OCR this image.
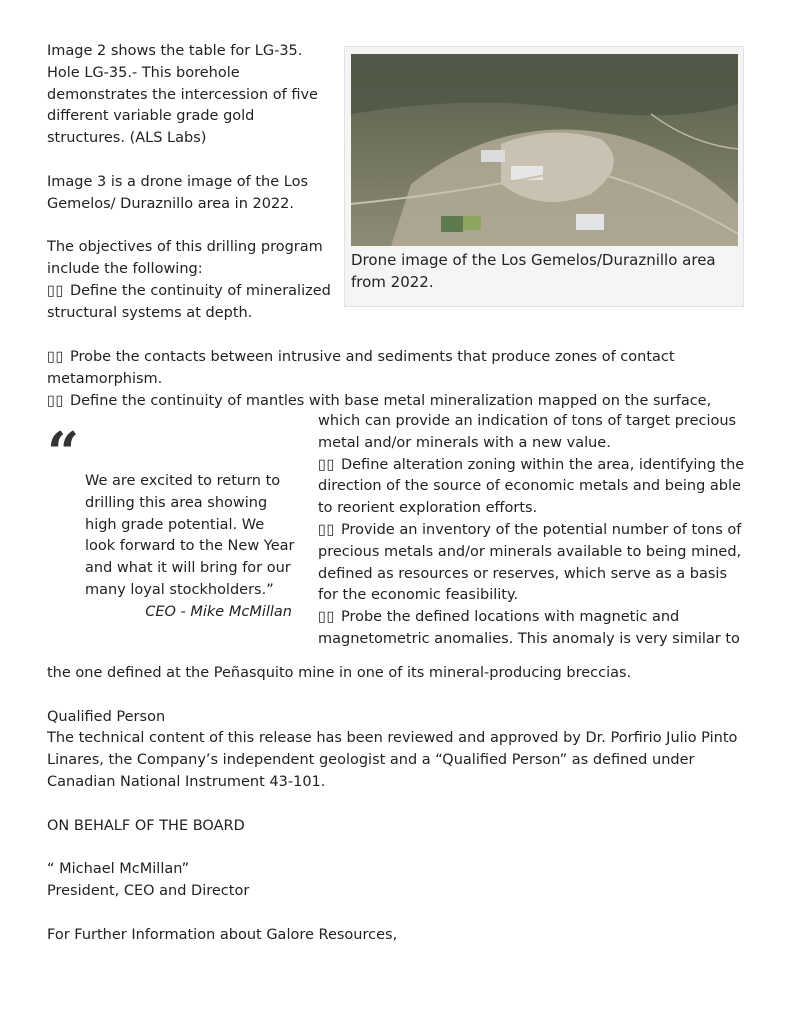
Image 2 shows the table for LG-35. Hole LG-35.- This borehole demonstrates the intercession of five different variable grade gold structures. (ALS Labs)

Image 3 is a drone image of the Los Gemelos/ Duraznillo area in 2022.

The objectives of this drilling program include the following:

▯▯ Define the continuity of mineralized structural systems at depth.

Drone image of the Los Gemelos/Duraznillo area from 2022.

▯▯ Probe the contacts between intrusive and sediments that produce zones of contact metamorphism.

▯▯ Define the continuity of mantles with base metal mineralization mapped on the surface,

“ We are excited to return to drilling this area showing high grade potential. We look forward to the New Year and what it will bring for our many loyal stockholders.”

CEO - Mike McMillan

which can provide an indication of tons of target precious metal and/or minerals with a new value.

▯▯ Define alteration zoning within the area, identifying the direction of the source of economic metals and being able to reorient exploration efforts.

▯▯ Provide an inventory of the potential number of tons of precious metals and/or minerals available to being mined, defined as resources or reserves, which serve as a basis for the economic feasibility.

▯▯ Probe the defined locations with magnetic and magnetometric anomalies. This anomaly is very similar to

the one defined at the Peñasquito mine in one of its mineral-producing breccias.

Qualified Person

The technical content of this release has been reviewed and approved by Dr. Porfirio Julio Pinto Linares, the Company’s independent geologist and a “Qualified Person” as defined under Canadian National Instrument 43-101.

ON BEHALF OF THE BOARD

“ Michael McMillan”

President, CEO and Director

For Further Information about Galore Resources,
